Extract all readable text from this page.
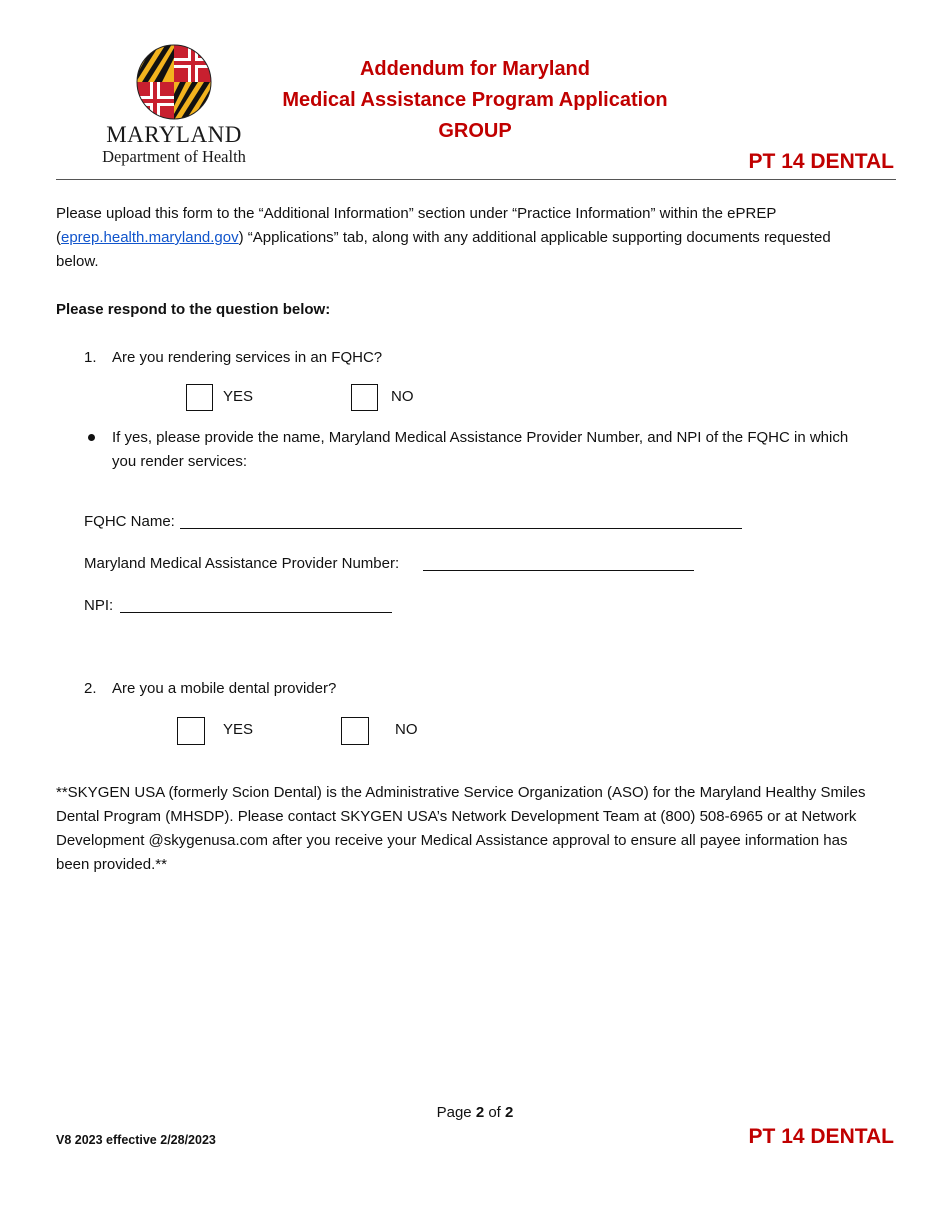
MARYLAND
Department of Health
Addendum for Maryland
Medical Assistance Program Application
GROUP
PT 14 DENTAL
Please upload this form to the “Additional Information” section under “Practice Information” within the ePREP
(eprep.health.maryland.gov) “Applications” tab, along with any additional applicable supporting documents requested
below.
Please respond to the question below:
1. Are you rendering services in an FQHC?
YES	NO
If yes, please provide the name, Maryland Medical Assistance Provider Number, and NPI of the FQHC in which
you render services:
FQHC Name:
Maryland Medical Assistance Provider Number:
NPI:
2. Are you a mobile dental provider?
YES	NO
**SKYGEN USA (formerly Scion Dental) is the Administrative Service Organization (ASO) for the Maryland Healthy Smiles
Dental Program (MHSDP). Please contact SKYGEN USA’s Network Development Team at (800) 508-6965 or at Network
Development @skygenusa.com after you receive your Medical Assistance approval to ensure all payee information has
been provided.**
Page 2 of 2
V8 2023 effective 2/28/2023	PT 14 DENTAL
